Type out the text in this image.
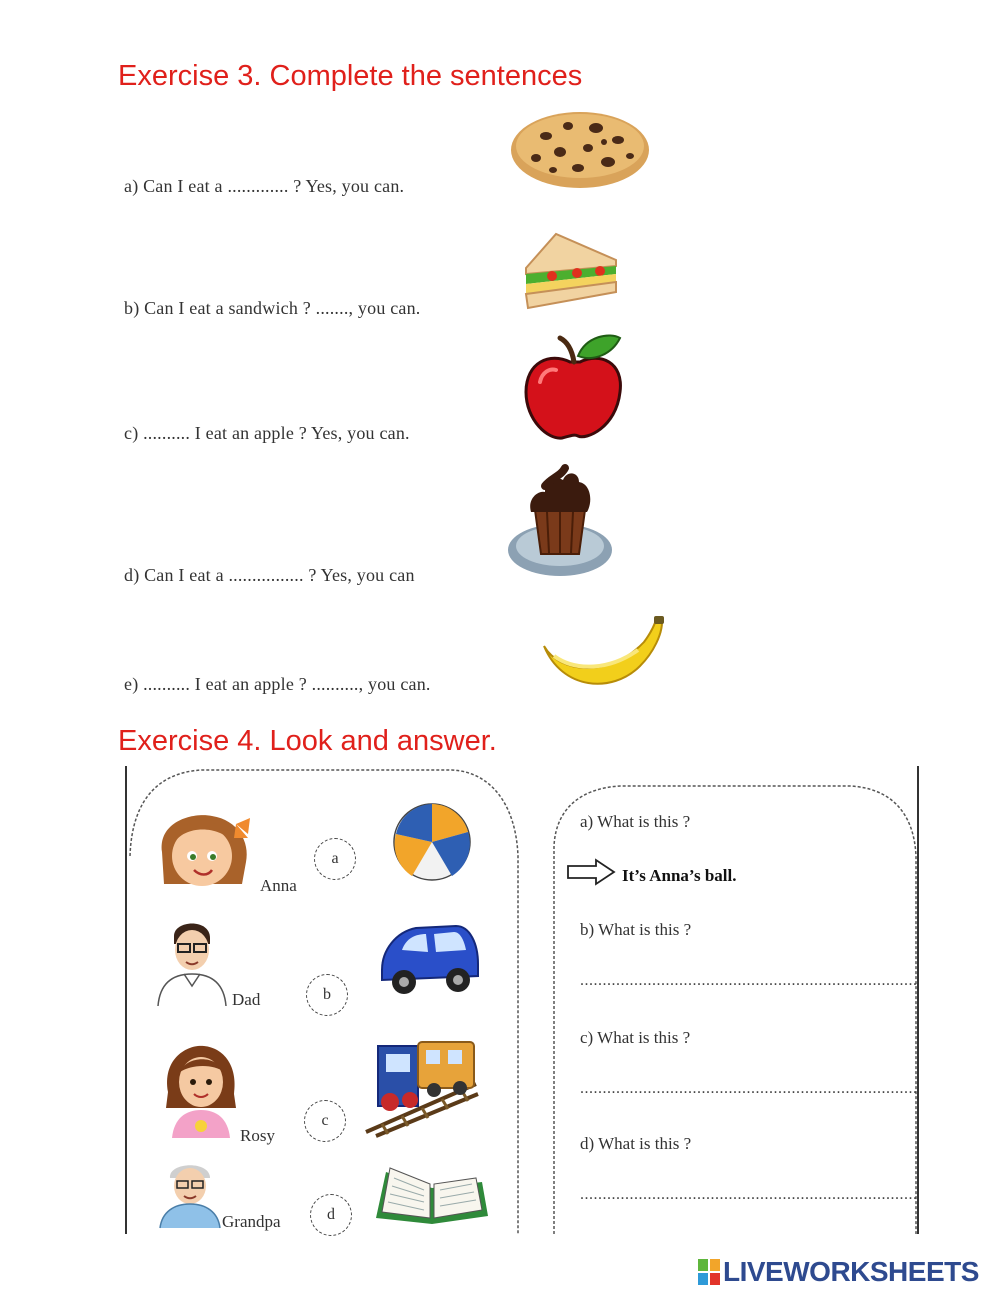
Exercise 3. Complete the sentences
a) Can I eat a ............. ? Yes, you can.
b) Can I eat a sandwich ? ......., you can.
c) .......... I eat an apple ? Yes, you can.
d) Can I eat a ................ ? Yes, you can
e) .......... I eat an apple ? .........., you can.
Exercise 4. Look and answer.
Anna
a
Dad	b
Rosy
c
Grandpa	d
a) What is this ?
It’s Anna’s ball.
b) What is this ?
...........................................................................
c) What is this ?
...........................................................................
d) What is this ?
...........................................................................
LIVEWORKSHEETS
